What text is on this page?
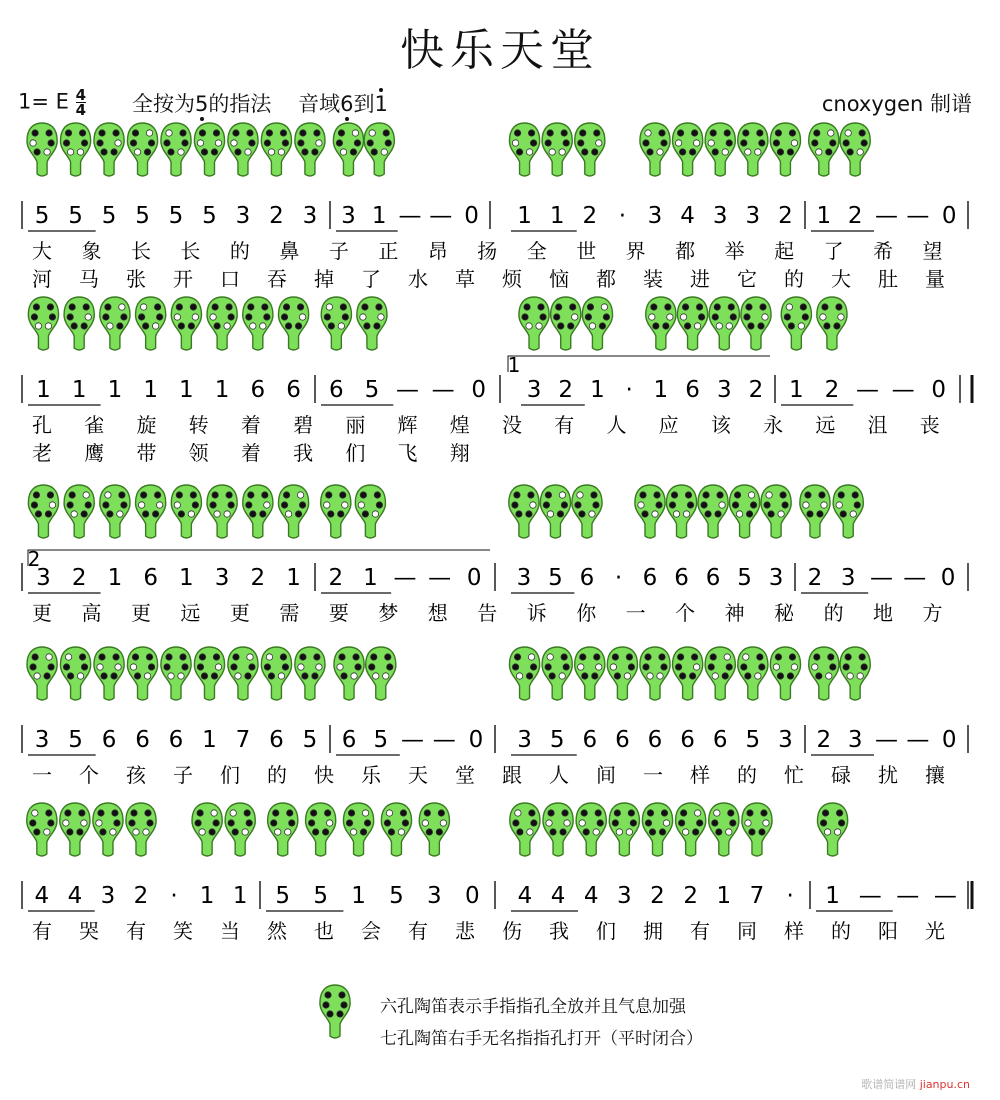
快乐天堂
1= E $\frac{4}{4}$ 全按为5的指法 音域6到1	cnoxygen 制谱
5 5 5 5 5 5 3 2 3 3 1 — — 0 1 1 2 · 3 4 3 3 2 1 2 — — 0
大 象 长 长 的 鼻 子 正 昂 扬 全 世 界 都 举 起 了 希 望
河 马 张 开 口 吞 掉 了 水 草 烦 恼 都 装 进 它 的 大 肚 量
1 1 1 1 1 1 6 6 6 5 — — 0 3 2 1 · 1 6 3 2 1 2 — — 0
孔 雀 旋 转 着 碧 丽 辉 煌 没 有 人 应 该 永 远 沮 丧
老 鹰 带 领 着 我 们 飞 翔
3 2 1 6 1 3 2 1 2 1 — — 0 3 5 6 · 6 6 6 5 3 2 3 — — 0
更 高 更 远 更 需 要 梦 想 告 诉 你 一 个 神 秘 的 地 方
3 5 6 6 6 1 7 6 5 6 5 — — 0 3 5 6 6 6 6 6 5 3 2 3 — — 0
一 个 孩 子 们 的 快 乐 天 堂 跟 人 间 一 样 的 忙 碌 扰 攘
4 4 3 2 · 1 1 5 5 1 5 3 0 4 4 4 3 2 2 1 7 · 1 — — —
有 哭 有 笑 当 然 也 会 有 悲 伤 我 们 拥 有 同 样 的 阳 光
1
2
六孔陶笛表示手指指孔全放并且气息加强
七孔陶笛右手无名指指孔打开（平时闭合）
歌谱简谱网 jianpu.cn
